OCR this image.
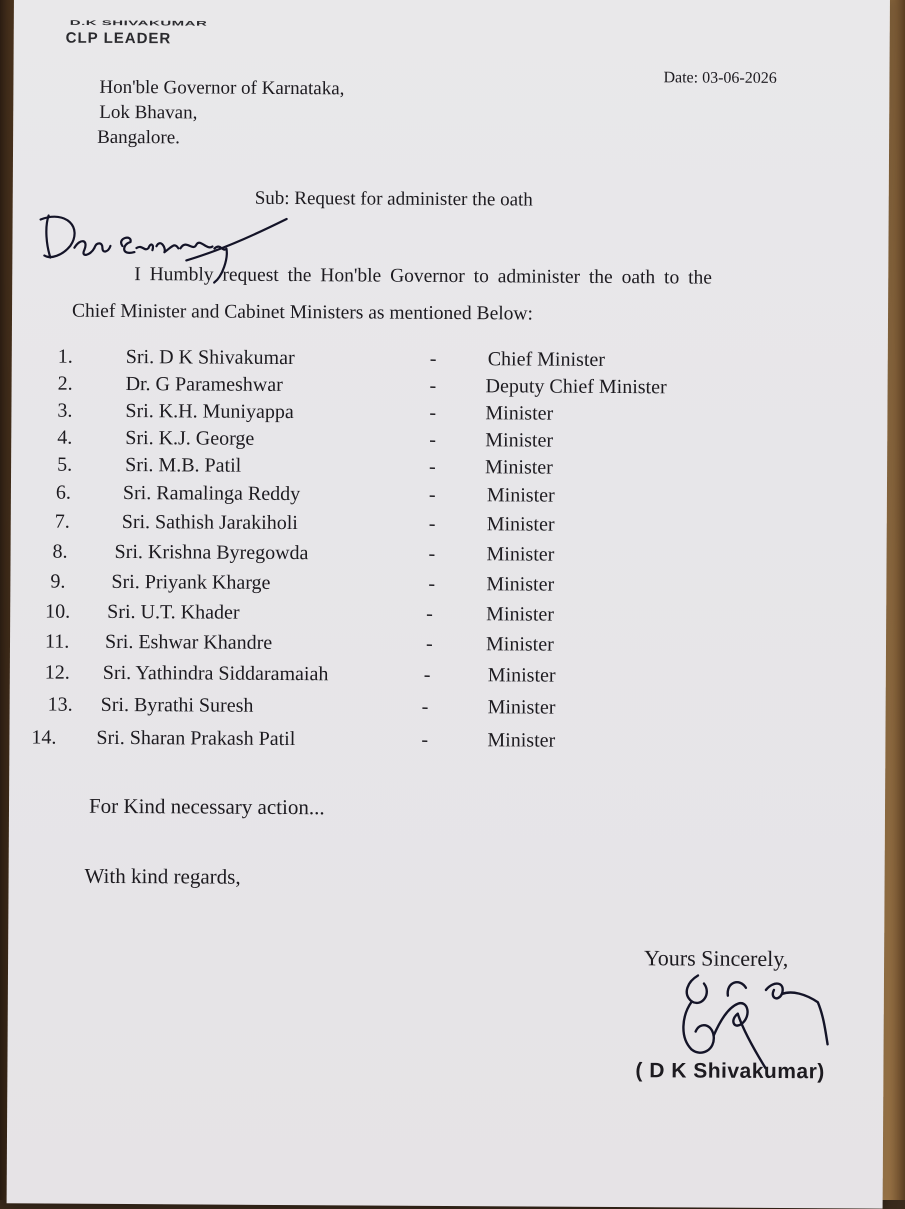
D.K SHIVAKUMAR
CLP LEADER
Date: 03-06-2026
Hon'ble Governor of Karnataka,
Lok Bhavan,
Bangalore.
Sub: Request for administer the oath
I Humbly request the Hon'ble Governor to administer the oath to the
Chief Minister and Cabinet Ministers as mentioned Below:
1.	Sri. D K Shivakumar	-	Chief Minister
2.	Dr. G Parameshwar	- Deputy Chief Minister
3.	Sri. K.H. Muniyappa	- Minister
4.	Sri. K.J. George	- Minister
5.	Sri. M.B. Patil	- Minister
6.	Sri. Ramalinga Reddy	-	Minister
7.	Sri. Sathish Jarakiholi	-	Minister
8. Sri. Krishna Byregowda	-	Minister
9. Sri. Priyank Kharge	-	Minister
10. Sri. U.T. Khader	-	Minister
11. Sri. Eshwar Khandre	-	Minister
12. Sri. Yathindra Siddaramaiah	-	Minister
13. Sri. Byrathi Suresh	-	Minister
14. Sri. Sharan Prakash Patil	-	Minister
For Kind necessary action...
With kind regards,
Yours Sincerely,
( D K Shivakumar)
